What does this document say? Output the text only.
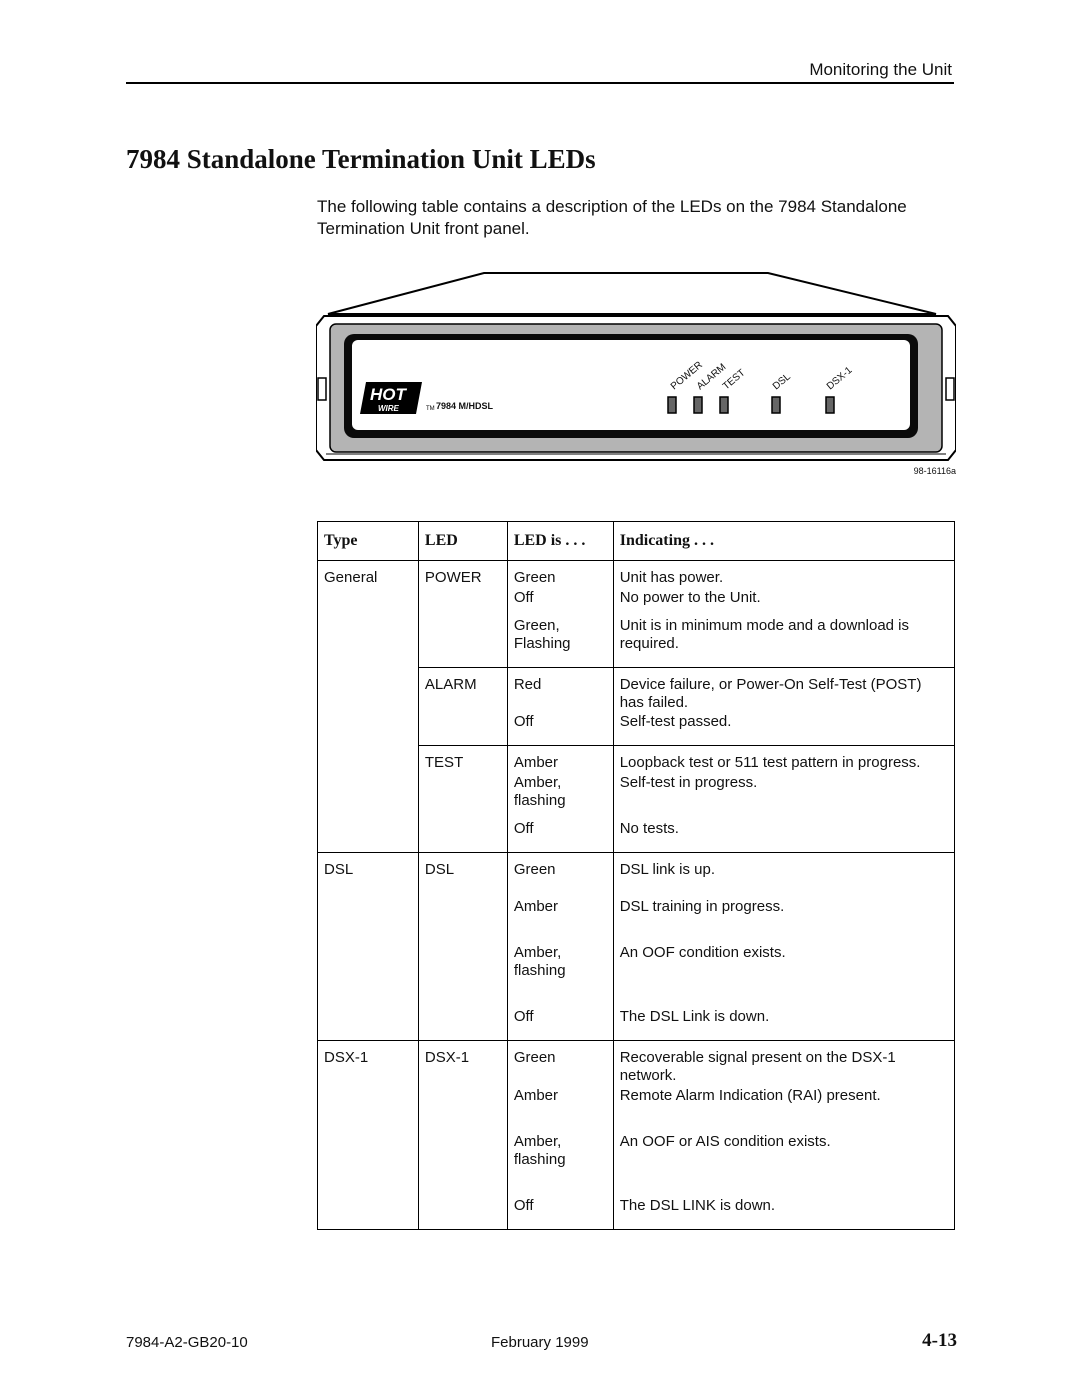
Monitoring the Unit
7984 Standalone Termination Unit LEDs

The following table contains a description of the LEDs on the 7984 Standalone Termination Unit front panel.

HOT
WIRE	TM 7984 M/HDSL
POWER
ALARM
TEST DSL	DSX-1
98-16116a
Type	LED	LED is . . .	Indicating . . .
General	POWER	Green	Unit has power.
		Off	No power to the Unit.
		Green, Flashing	Unit is in minimum mode and a download is required.
	ALARM	Red	Device failure, or Power-On Self-Test (POST) has failed.
		Off	Self-test passed.
	TEST	Amber	Loopback test or 511 test pattern in progress.
		Amber, flashing	Self-test in progress.
		Off	No tests.
DSL	DSL	Green	DSL link is up.
		Amber	DSL training in progress.
		Amber, flashing	An OOF condition exists.
		Off	The DSL Link is down.
DSX-1	DSX-1	Green	Recoverable signal present on the DSX-1 network.
		Amber	Remote Alarm Indication (RAI) present.
		Amber, flashing	An OOF or AIS condition exists.
		Off	The DSL LINK is down.
7984-A2-GB20-10	February 1999	4-13
